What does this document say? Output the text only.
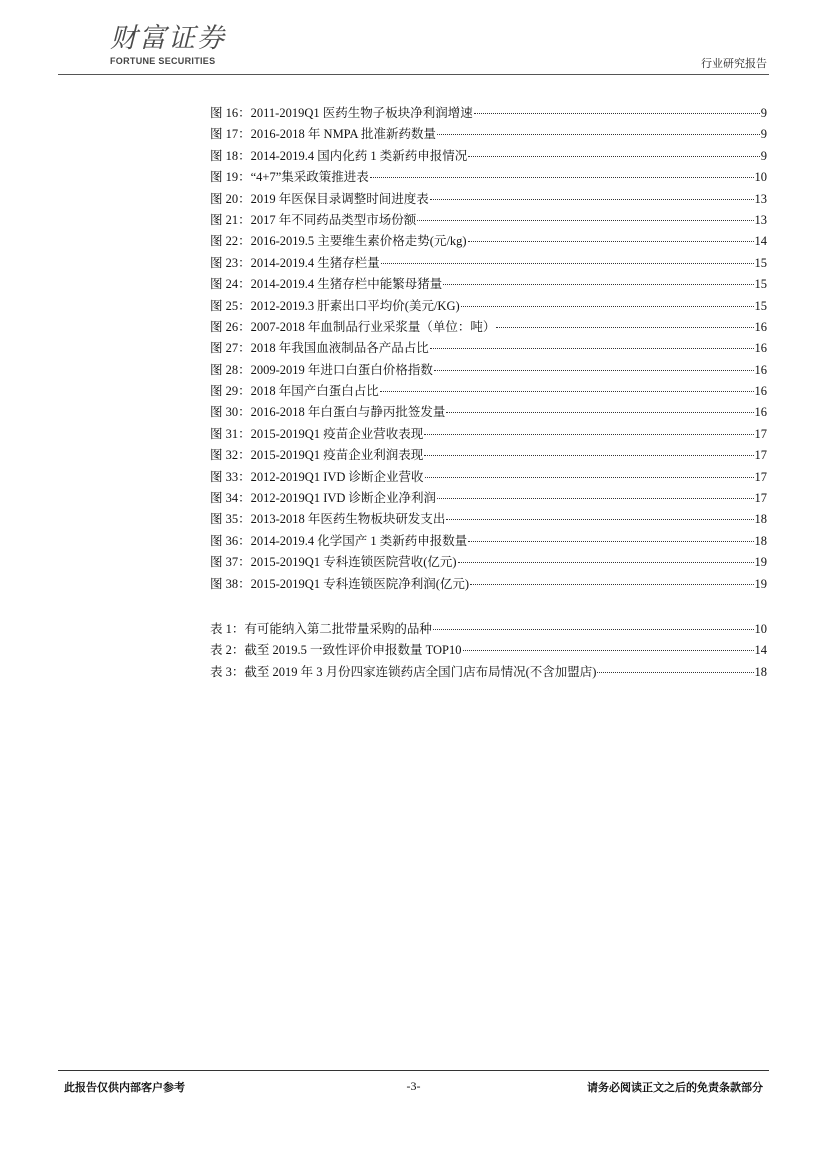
财富证券
FORTUNE SECURITIES	行业研究报告
图 16：2011-2019Q1 医药生物子板块净利润增速	9
图 17：2016-2018 年 NMPA 批准新药数量	9
图 18：2014-2019.4 国内化药 1 类新药申报情况	9
图 19：“4+7”集采政策推进表	10
图 20：2019 年医保目录调整时间进度表	13
图 21：2017 年不同药品类型市场份额	13
图 22：2016-2019.5 主要维生素价格走势(元/kg)	14
图 23：2014-2019.4 生猪存栏量	15
图 24：2014-2019.4 生猪存栏中能繁母猪量	15
图 25：2012-2019.3 肝素出口平均价(美元/KG)	15
图 26：2007-2018 年血制品行业采浆量（单位：吨）	16
图 27：2018 年我国血液制品各产品占比	16
图 28：2009-2019 年进口白蛋白价格指数	16
图 29：2018 年国产白蛋白占比	16
图 30：2016-2018 年白蛋白与静丙批签发量	16
图 31：2015-2019Q1 疫苗企业营收表现	17
图 32：2015-2019Q1 疫苗企业利润表现	17
图 33：2012-2019Q1 IVD 诊断企业营收	17
图 34：2012-2019Q1 IVD 诊断企业净利润	17
图 35：2013-2018 年医药生物板块研发支出	18
图 36：2014-2019.4 化学国产 1 类新药申报数量	18
图 37：2015-2019Q1 专科连锁医院营收(亿元)	19
图 38：2015-2019Q1 专科连锁医院净利润(亿元)	19
表 1：有可能纳入第二批带量采购的品种	10
表 2：截至 2019.5 一致性评价申报数量 TOP10	14
表 3：截至 2019 年 3 月份四家连锁药店全国门店布局情况(不含加盟店)	18
此报告仅供内部客户参考	-3-	请务必阅读正文之后的免责条款部分
